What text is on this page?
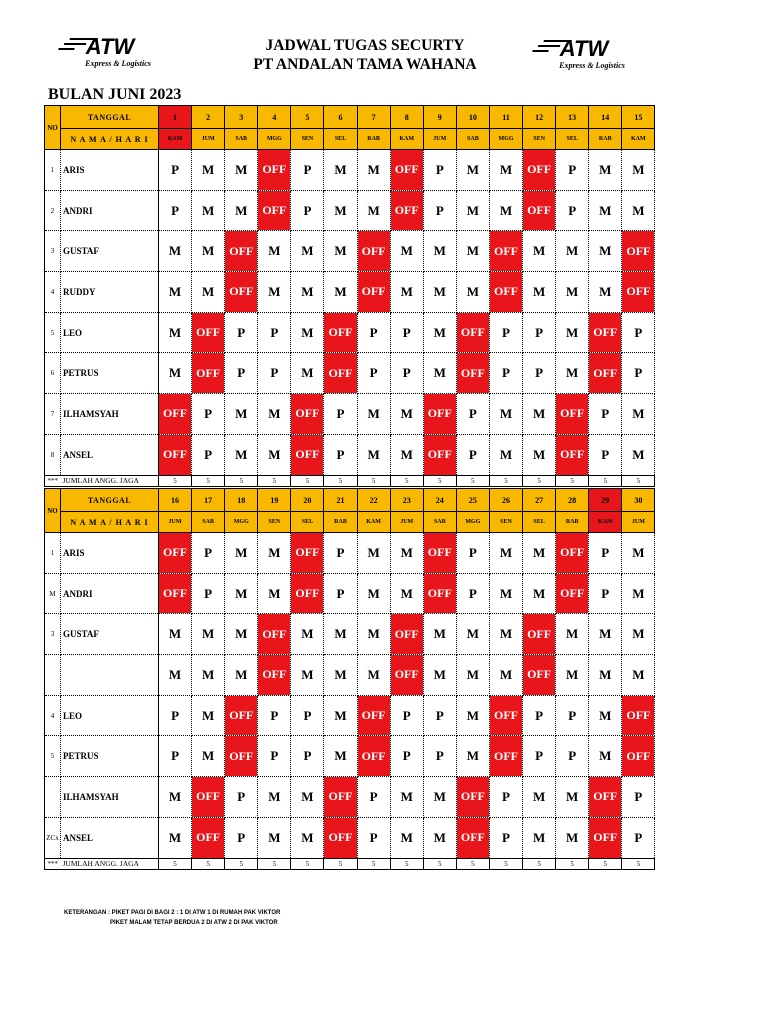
ATW
Express & Logistics
ATW
Express & Logistics
JADWAL TUGAS SECURTY
PT ANDALAN TAMA WAHANA
BULAN JUNI 2023
NO	TANGGAL	1	2	3	4	5	6	7	8	9	10	11	12	13	14	15
	N A M A / H A R I	KAM	JUM	SAB	MGG	SEN	SEL	RAB	KAM	JUM	SAB	MGG	SEN	SEL	RAB	KAM
1	ARIS	P	M	M	OFF	P	M	M	OFF	P	M	M	OFF	P	M	M
2	ANDRI	P	M	M	OFF	P	M	M	OFF	P	M	M	OFF	P	M	M
3	GUSTAF	M	M	OFF	M	M	M	OFF	M	M	M	OFF	M	M	M	OFF
4	RUDDY	M	M	OFF	M	M	M	OFF	M	M	M	OFF	M	M	M	OFF
5	LEO	M	OFF	P	P	M	OFF	P	P	M	OFF	P	P	M	OFF	P
6	PETRUS	M	OFF	P	P	M	OFF	P	P	M	OFF	P	P	M	OFF	P
7	ILHAMSYAH	OFF	P	M	M	OFF	P	M	M	OFF	P	M	M	OFF	P	M
8	ANSEL	OFF	P	M	M	OFF	P	M	M	OFF	P	M	M	OFF	P	M
***	JUMLAH ANGG. JAGA	5	5	5	5	5	5	5	5	5	5	5	5	5	5	5
NO	TANGGAL	16	17	18	19	20	21	22	23	24	25	26	27	28	29	30
	N A M A / H A R I	JUM	SAB	MGG	SEN	SEL	RAB	KAM	JUM	SAB	MGG	SEN	SEL	RAB	KAM	JUM
1	ARIS	OFF	P	M	M	OFF	P	M	M	OFF	P	M	M	OFF	P	M
M	ANDRI	OFF	P	M	M	OFF	P	M	M	OFF	P	M	M	OFF	P	M
3	GUSTAF	M	M	M	OFF	M	M	M	OFF	M	M	M	OFF	M	M	M
		M	M	M	OFF	M	M	M	OFF	M	M	M	OFF	M	M	M
4	LEO	P	M	OFF	P	P	M	OFF	P	P	M	OFF	P	P	M	OFF
5	PETRUS	P	M	OFF	P	P	M	OFF	P	P	M	OFF	P	P	M	OFF
	ILHAMSYAH	M	OFF	P	M	M	OFF	P	M	M	OFF	P	M	M	OFF	P
ZCx	ANSEL	M	OFF	P	M	M	OFF	P	M	M	OFF	P	M	M	OFF	P
***	JUMLAH ANGG. JAGA	5	5	5	5	5	5	5	5	5	5	5	5	5	5	5
KETERANGAN : PIKET PAGI DI BAGI 2 : 1 DI ATW 1 DI RUMAH PAK VIKTOR
PIKET MALAM TETAP BERDUA 2 DI ATW 2 DI PAK VIKTOR
